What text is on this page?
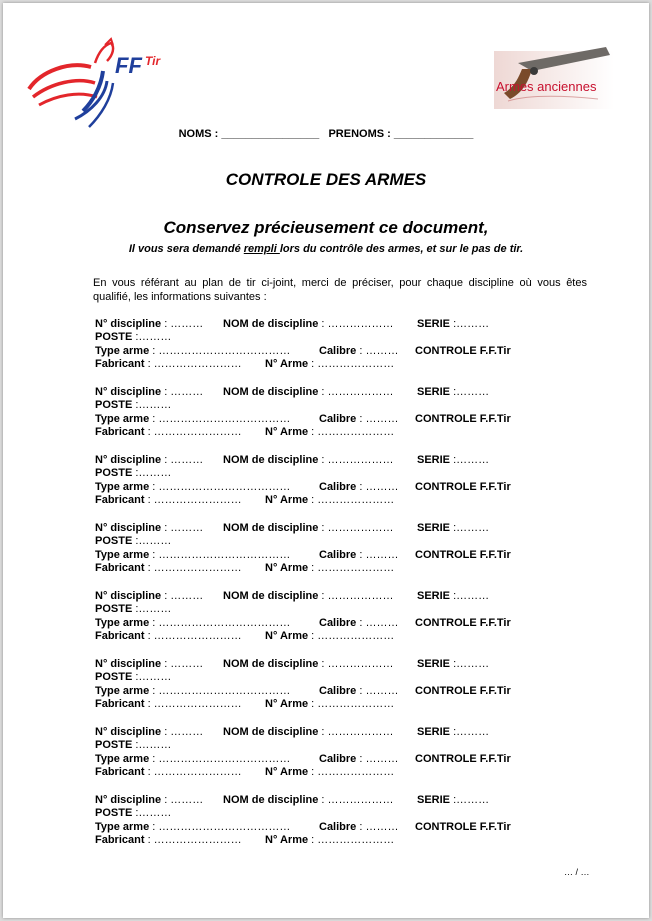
FF Tir
Armes anciennes
NOMS : ________________ PRENOMS : _____________
CONTROLE DES ARMES
Conservez précieusement ce document,
Il vous sera demandé rempli lors du contrôle des armes, et sur le pas de tir.
En vous référant au plan de tir ci-joint, merci de préciser, pour chaque discipline où vous êtes qualifié, les informations suivantes :
N° discipline : ……… NOM de discipline : ……………… SERIE :………
POSTE :………
Type arme : ………………………………	Calibre : ……… CONTROLE F.F.Tir
Fabricant : …………………… N° Arme : …………………
N° discipline : ……… NOM de discipline : ……………… SERIE :………
POSTE :………
Type arme : ………………………………	Calibre : ……… CONTROLE F.F.Tir
Fabricant : …………………… N° Arme : …………………
N° discipline : ……… NOM de discipline : ……………… SERIE :………
POSTE :………
Type arme : ………………………………	Calibre : ……… CONTROLE F.F.Tir
Fabricant : …………………… N° Arme : …………………
N° discipline : ……… NOM de discipline : ……………… SERIE :………
POSTE :………
Type arme : ………………………………	Calibre : ……… CONTROLE F.F.Tir
Fabricant : …………………… N° Arme : …………………
N° discipline : ……… NOM de discipline : ……………… SERIE :………
POSTE :………
Type arme : ………………………………	Calibre : ……… CONTROLE F.F.Tir
Fabricant : …………………… N° Arme : …………………
N° discipline : ……… NOM de discipline : ……………… SERIE :………
POSTE :………
Type arme : ………………………………	Calibre : ……… CONTROLE F.F.Tir
Fabricant : …………………… N° Arme : …………………
N° discipline : ……… NOM de discipline : ……………… SERIE :………
POSTE :………
Type arme : ………………………………	Calibre : ……… CONTROLE F.F.Tir
Fabricant : …………………… N° Arme : …………………
N° discipline : ……… NOM de discipline : ……………… SERIE :………
POSTE :………
Type arme : ………………………………	Calibre : ……… CONTROLE F.F.Tir
Fabricant : …………………… N° Arme : …………………
… / …
